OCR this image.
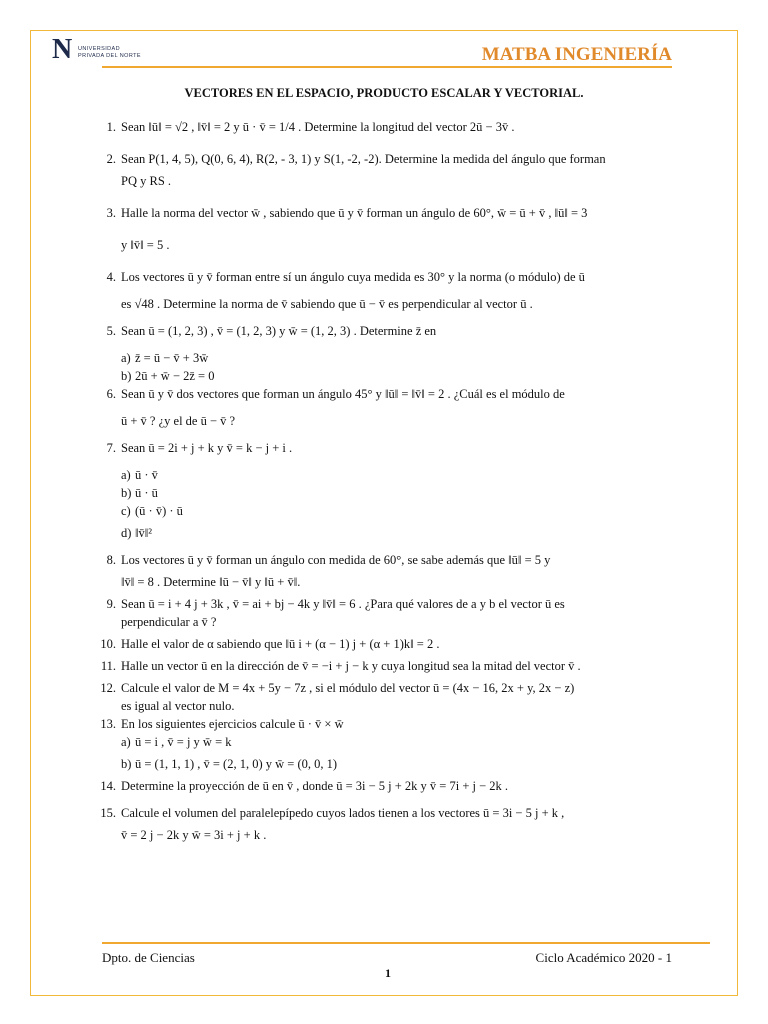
N UNIVERSIDAD
PRIVADA DEL NORTE	MATBA INGENIERÍA
VECTORES EN EL ESPACIO, PRODUCTO ESCALAR Y VECTORIAL.
1. Sean ‖ū‖ = √2 , ‖v̄‖ = 2 y ū · v̄ = 1/4 . Determine la longitud del vector 2ū − 3v̄ .
2. Sean P(1, 4, 5), Q(0, 6, 4), R(2, - 3, 1) y S(1, -2, -2). Determine la medida del ángulo que forman
PQ y RS .
3. Halle la norma del vector w̄ , sabiendo que ū y v̄ forman un ángulo de 60°, w̄ = ū + v̄ , ‖ū‖ = 3
y ‖v̄‖ = 5 .
4. Los vectores ū y v̄ forman entre sí un ángulo cuya medida es 30° y la norma (o módulo) de ū
es √48 . Determine la norma de v̄ sabiendo que ū − v̄ es perpendicular al vector ū .
5. Sean ū = (1, 2, 3) , v̄ = (1, 2, 3) y w̄ = (1, 2, 3) . Determine z̄ en
a) z̄ = ū − v̄ + 3w̄
b) 2ū + w̄ − 2z̄ = 0
6. Sean ū y v̄ dos vectores que forman un ángulo 45° y ‖ū‖ = ‖v̄‖ = 2 . ¿Cuál es el módulo de
ū + v̄ ? ¿y el de ū − v̄ ?
7. Sean ū = 2i + j + k y v̄ = k − j + i .
a) ū · v̄
b) ū · ū
c) (ū · v̄) · ū
d) ‖v̄‖²
8. Los vectores ū y v̄ forman un ángulo con medida de 60°, se sabe además que ‖ū‖ = 5 y
‖v̄‖ = 8 . Determine ‖ū − v̄‖ y ‖ū + v̄‖.
9. Sean ū = i + 4 j + 3k , v̄ = ai + bj − 4k y ‖v̄‖ = 6 . ¿Para qué valores de a y b el vector ū es
perpendicular a v̄ ?
10. Halle el valor de α sabiendo que ‖ū i + (α − 1) j + (α + 1)k‖ = 2 .
11. Halle un vector ū en la dirección de v̄ = −i + j − k y cuya longitud sea la mitad del vector v̄ .
12. Calcule el valor de M = 4x + 5y − 7z , si el módulo del vector ū = (4x − 16, 2x + y, 2x − z)
es igual al vector nulo.
13. En los siguientes ejercicios calcule ū · v̄ × w̄
a) ū = i , v̄ = j y w̄ = k
b) ū = (1, 1, 1) , v̄ = (2, 1, 0) y w̄ = (0, 0, 1)
14. Determine la proyección de ū en v̄ , donde ū = 3i − 5 j + 2k y v̄ = 7i + j − 2k .
15. Calcule el volumen del paralelepípedo cuyos lados tienen a los vectores ū = 3i − 5 j + k ,
v̄ = 2 j − 2k y w̄ = 3i + j + k .
Dpto. de Ciencias	Ciclo Académico 2020 - 1
1
